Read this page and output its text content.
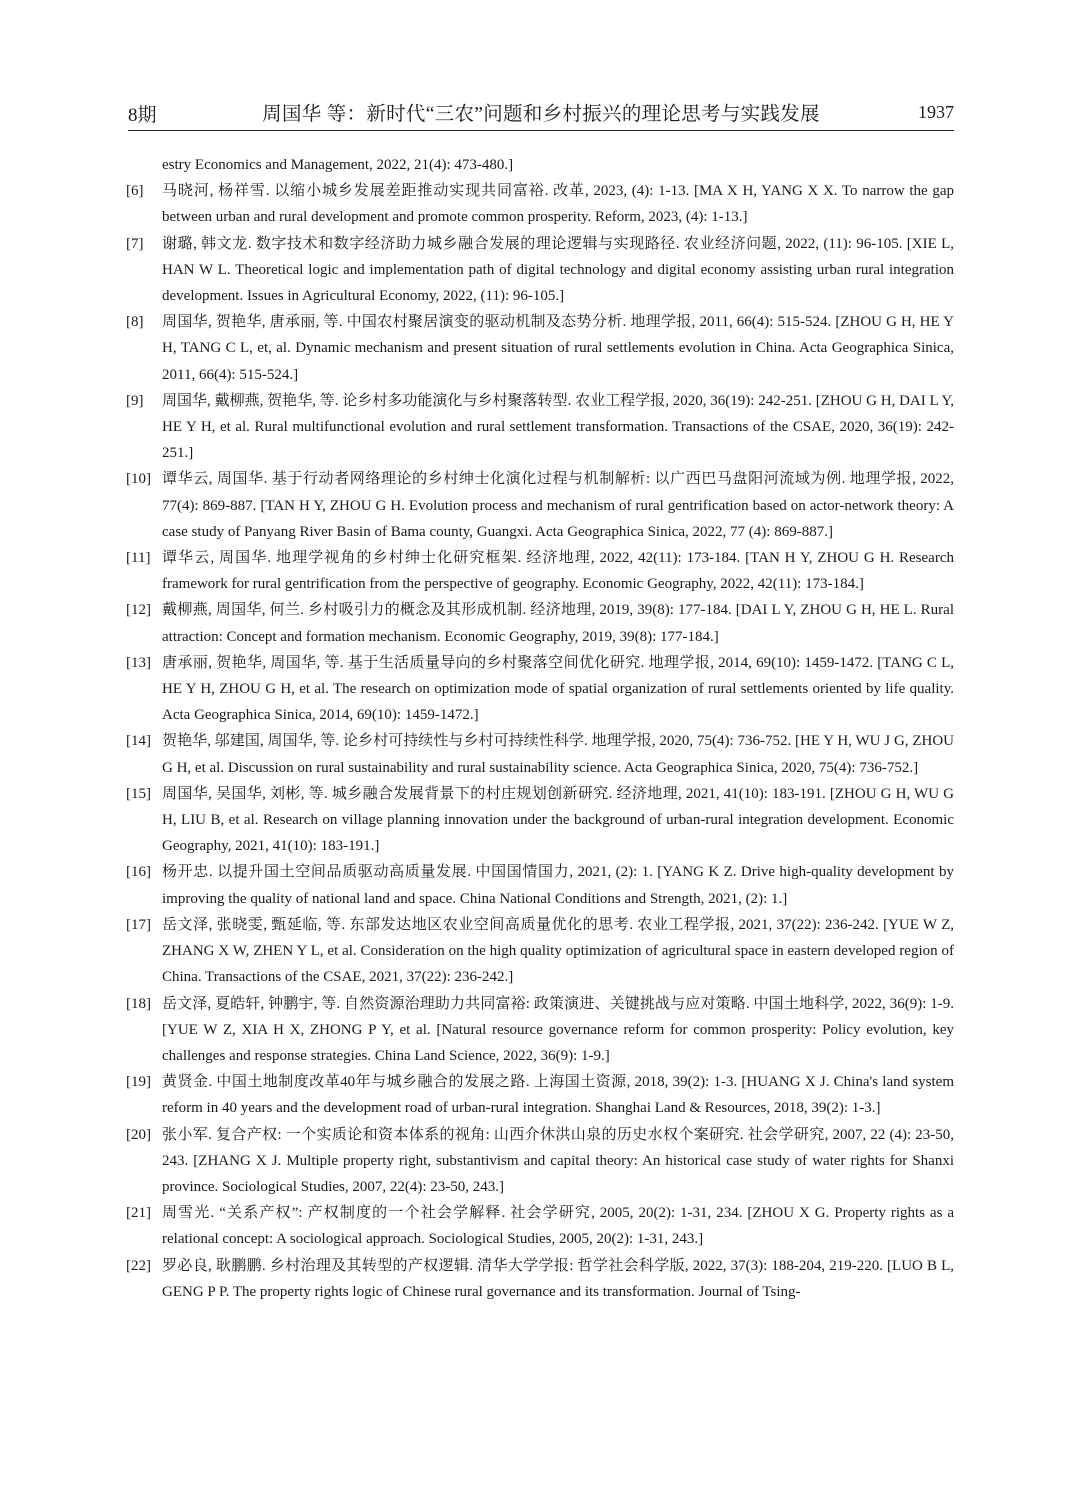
8期	周国华 等：新时代“三农”问题和乡村振兴的理论思考与实践发展	1937
estry Economics and Management, 2022, 21(4): 473-480.]
[6]	马晓河, 杨祥雪. 以缩小城乡发展差距推动实现共同富裕. 改革, 2023, (4): 1-13. [MA X H, YANG X X. To narrow the gap between urban and rural development and promote common prosperity. Reform, 2023, (4): 1-13.]
[7]	谢璐, 韩文龙. 数字技术和数字经济助力城乡融合发展的理论逻辑与实现路径. 农业经济问题, 2022, (11): 96-105. [XIE L, HAN W L. Theoretical logic and implementation path of digital technology and digital economy assisting urban rural integration development. Issues in Agricultural Economy, 2022, (11): 96-105.]
[8]	周国华, 贺艳华, 唐承丽, 等. 中国农村聚居演变的驱动机制及态势分析. 地理学报, 2011, 66(4): 515-524. [ZHOU G H, HE Y H, TANG C L, et, al. Dynamic mechanism and present situation of rural settlements evolution in China. Acta Geographica Sinica, 2011, 66(4): 515-524.]
[9]	周国华, 戴柳燕, 贺艳华, 等. 论乡村多功能演化与乡村聚落转型. 农业工程学报, 2020, 36(19): 242-251. [ZHOU G H, DAI L Y, HE Y H, et al. Rural multifunctional evolution and rural settlement transformation. Transactions of the CSAE, 2020, 36(19): 242-251.]
[10] 谭华云, 周国华. 基于行动者网络理论的乡村绅士化演化过程与机制解析: 以广西巴马盘阳河流域为例. 地理学报, 2022, 77(4): 869-887. [TAN H Y, ZHOU G H. Evolution process and mechanism of rural gentrification based on actor-network theory: A case study of Panyang River Basin of Bama county, Guangxi. Acta Geographica Sinica, 2022, 77 (4): 869-887.]
[11] 谭华云, 周国华. 地理学视角的乡村绅士化研究框架. 经济地理, 2022, 42(11): 173-184. [TAN H Y, ZHOU G H. Research framework for rural gentrification from the perspective of geography. Economic Geography, 2022, 42(11): 173-184.]
[12] 戴柳燕, 周国华, 何兰. 乡村吸引力的概念及其形成机制. 经济地理, 2019, 39(8): 177-184. [DAI L Y, ZHOU G H, HE L. Rural attraction: Concept and formation mechanism. Economic Geography, 2019, 39(8): 177-184.]
[13] 唐承丽, 贺艳华, 周国华, 等. 基于生活质量导向的乡村聚落空间优化研究. 地理学报, 2014, 69(10): 1459-1472. [TANG C L, HE Y H, ZHOU G H, et al. The research on optimization mode of spatial organization of rural settlements oriented by life quality. Acta Geographica Sinica, 2014, 69(10): 1459-1472.]
[14] 贺艳华, 邬建国, 周国华, 等. 论乡村可持续性与乡村可持续性科学. 地理学报, 2020, 75(4): 736-752. [HE Y H, WU J G, ZHOU G H, et al. Discussion on rural sustainability and rural sustainability science. Acta Geographica Sinica, 2020, 75(4): 736-752.]
[15] 周国华, 吴国华, 刘彬, 等. 城乡融合发展背景下的村庄规划创新研究. 经济地理, 2021, 41(10): 183-191. [ZHOU G H, WU G H, LIU B, et al. Research on village planning innovation under the background of urban-rural integration development. Economic Geography, 2021, 41(10): 183-191.]
[16] 杨开忠. 以提升国土空间品质驱动高质量发展. 中国国情国力, 2021, (2): 1. [YANG K Z. Drive high-quality development by improving the quality of national land and space. China National Conditions and Strength, 2021, (2): 1.]
[17] 岳文泽, 张晓雯, 甄延临, 等. 东部发达地区农业空间高质量优化的思考. 农业工程学报, 2021, 37(22): 236-242. [YUE W Z, ZHANG X W, ZHEN Y L, et al. Consideration on the high quality optimization of agricultural space in eastern developed region of China. Transactions of the CSAE, 2021, 37(22): 236-242.]
[18] 岳文泽, 夏皓轩, 钟鹏宇, 等. 自然资源治理助力共同富裕: 政策演进、关键挑战与应对策略. 中国土地科学, 2022, 36(9): 1-9. [YUE W Z, XIA H X, ZHONG P Y, et al. [Natural resource governance reform for common prosperity: Policy evolution, key challenges and response strategies. China Land Science, 2022, 36(9): 1-9.]
[19] 黄贤金. 中国土地制度改革40年与城乡融合的发展之路. 上海国土资源, 2018, 39(2): 1-3. [HUANG X J. China's land system reform in 40 years and the development road of urban-rural integration. Shanghai Land & Resources, 2018, 39(2): 1-3.]
[20] 张小军. 复合产权: 一个实质论和资本体系的视角: 山西介休洪山泉的历史水权个案研究. 社会学研究, 2007, 22 (4): 23-50, 243. [ZHANG X J. Multiple property right, substantivism and capital theory: An historical case study of water rights for Shanxi province. Sociological Studies, 2007, 22(4): 23-50, 243.]
[21] 周雪光. “关系产权”: 产权制度的一个社会学解释. 社会学研究, 2005, 20(2): 1-31, 234. [ZHOU X G. Property rights as a relational concept: A sociological approach. Sociological Studies, 2005, 20(2): 1-31, 243.]
[22] 罗必良, 耿鹏鹏. 乡村治理及其转型的产权逻辑. 清华大学学报: 哲学社会科学版, 2022, 37(3): 188-204, 219-220. [LUO B L, GENG P P. The property rights logic of Chinese rural governance and its transformation. Journal of Tsing-
